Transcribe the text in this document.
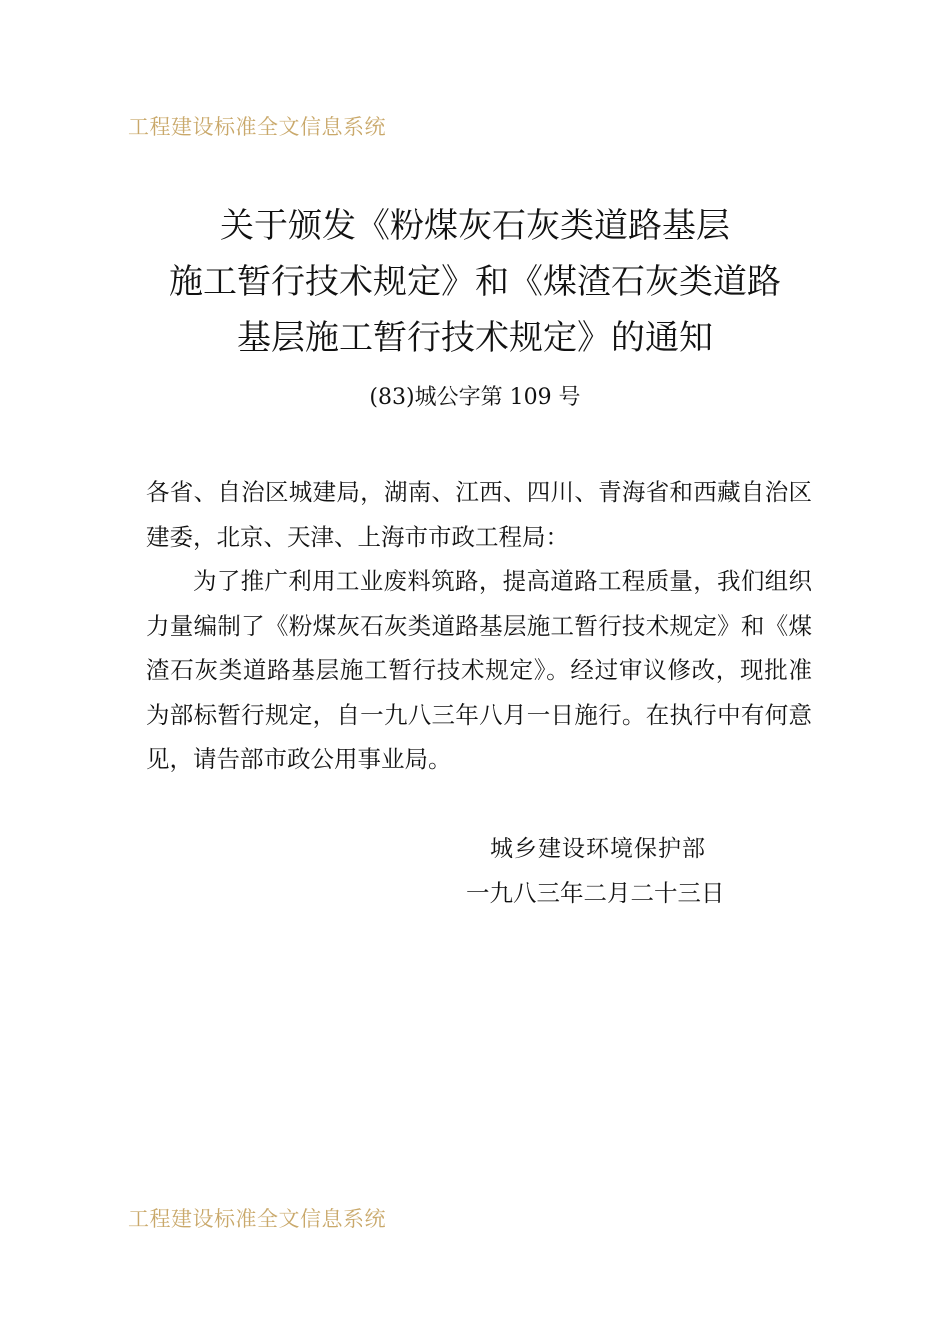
工程建设标准全文信息系统
关于颁发《粉煤灰石灰类道路基层
施工暂行技术规定》和《煤渣石灰类道路
基层施工暂行技术规定》的通知
(83)城公字第 109 号

各省、自治区城建局，湖南、江西、四川、青海省和西藏自治区建委，北京、天津、上海市市政工程局：

为了推广利用工业废料筑路，提高道路工程质量，我们组织力量编制了《粉煤灰石灰类道路基层施工暂行技术规定》和《煤渣石灰类道路基层施工暂行技术规定》。经过审议修改，现批准为部标暂行规定，自一九八三年八月一日施行。在执行中有何意见，请告部市政公用事业局。

城乡建设环境保护部
一九八三年二月二十三日
工程建设标准全文信息系统
